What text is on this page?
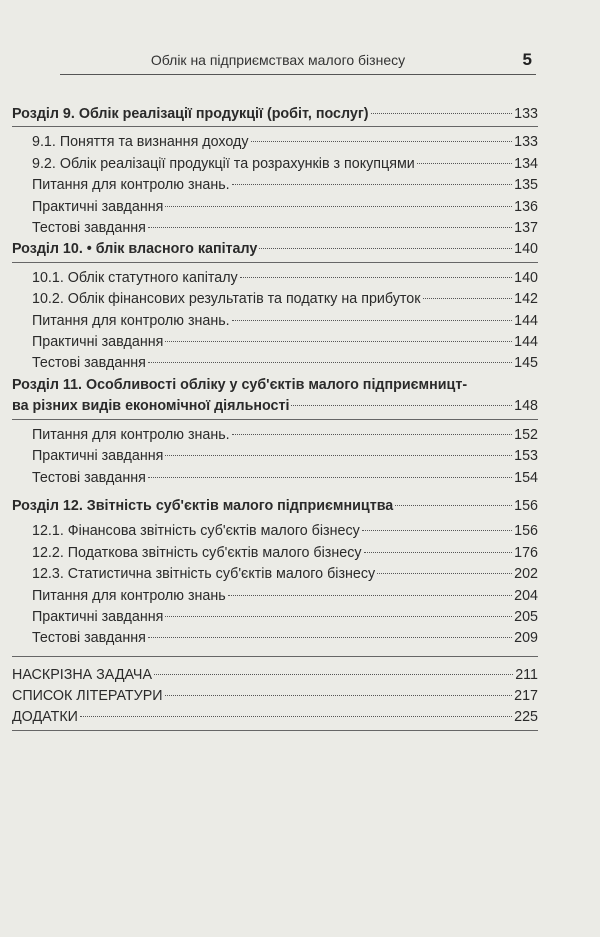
Облік на підприємствах малого бізнесу	5
Розділ 9. Облік реалізації продукції (робіт, послуг)	133
9.1. Поняття та визнання доходу	133
9.2. Облік реалізації продукції та розрахунків з покупцями	134
Питання для контролю знань.	135
Практичні завдання	136
Тестові завдання	137
Розділ 10. • блік власного капіталу	140
10.1. Облік статутного капіталу	140
10.2. Облік фінансових результатів та податку на прибуток	142
Питання для контролю знань.	144
Практичні завдання	144
Тестові завдання	145
Розділ 11. Особливості обліку у суб'єктів малого підприємницт-
ва різних видів економічної діяльності	148
Питання для контролю знань.	152
Практичні завдання	153
Тестові завдання	154
Розділ 12. Звітність суб'єктів малого підприємництва	156
12.1. Фінансова звітність суб'єктів малого бізнесу	156
12.2. Податкова звітність суб'єктів малого бізнесу	176
12.3. Статистична звітність суб'єктів малого бізнесу	202
Питання для контролю знань	204
Практичні завдання	205
Тестові завдання	209
НАСКРІЗНА ЗАДАЧА	211
СПИСОК ЛІТЕРАТУРИ	217
ДОДАТКИ	225
